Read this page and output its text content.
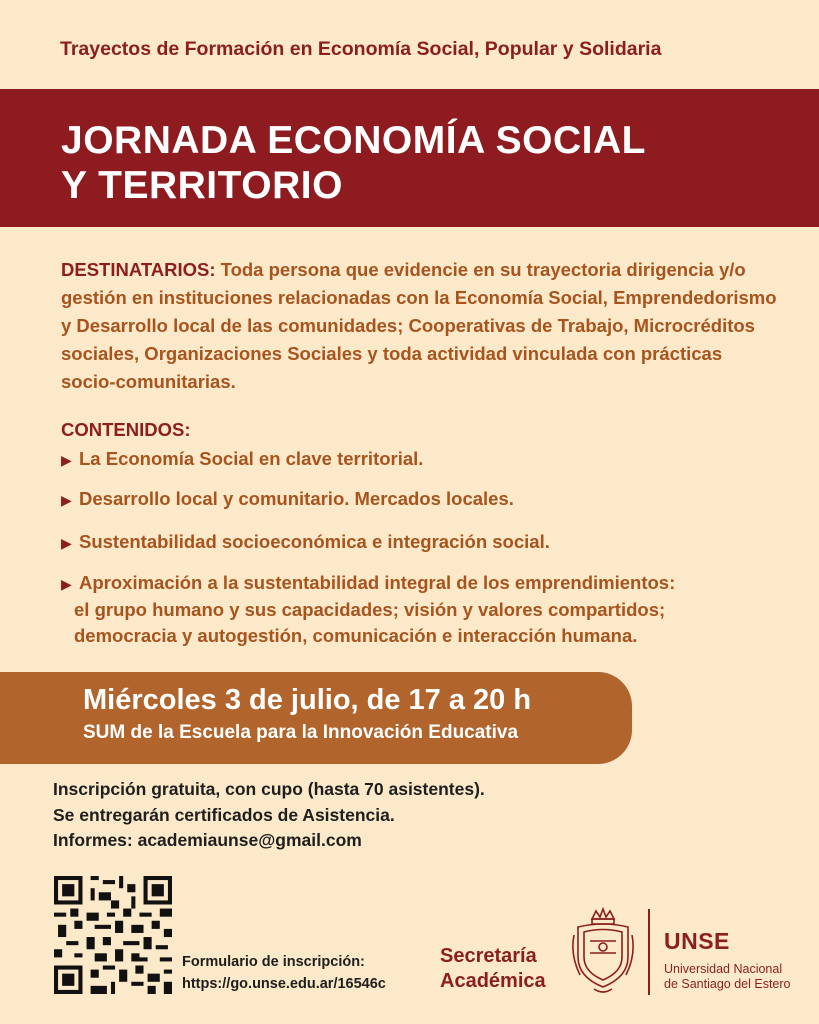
Trayectos de Formación en Economía Social, Popular y Solidaria
JORNADA ECONOMÍA SOCIAL
Y TERRITORIO
DESTINATARIOS: Toda persona que evidencie en su trayectoria dirigencia y/o gestión en instituciones relacionadas con la Economía Social, Emprendedorismo y Desarrollo local de las comunidades; Cooperativas de Trabajo, Microcréditos sociales, Organizaciones Sociales y toda actividad vinculada con prácticas socio-comunitarias.
CONTENIDOS:
▶ La Economía Social en clave territorial.
▶ Desarrollo local y comunitario. Mercados locales.
▶ Sustentabilidad socioeconómica e integración social.
▶ Aproximación a la sustentabilidad integral de los emprendimientos:
el grupo humano y sus capacidades; visión y valores compartidos;
democracia y autogestión, comunicación e interacción humana.
Miércoles 3 de julio, de 17 a 20 h
SUM de la Escuela para la Innovación Educativa
Inscripción gratuita, con cupo (hasta 70 asistentes).
Se entregarán certificados de Asistencia.
Informes: academiaunse@gmail.com
Formulario de inscripción:
https://go.unse.edu.ar/16546c
Secretaría
Académica
UNSE
Universidad Nacional
de Santiago del Estero
